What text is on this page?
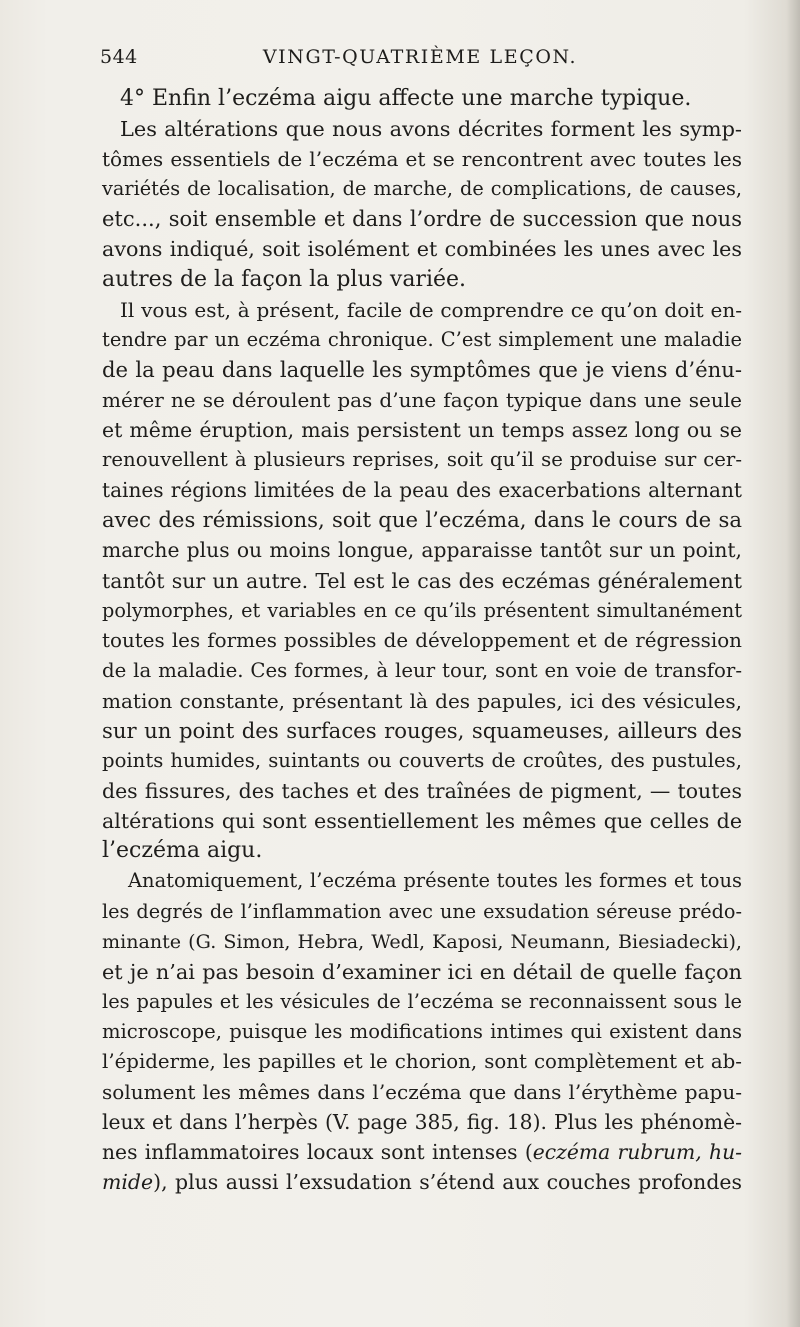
544	VINGT-QUATRIÈME LEÇON.
4° Enfin l’eczéma aigu affecte une marche typique.
Les altérations que nous avons décrites forment les symp-
tômes essentiels de l’eczéma et se rencontrent avec toutes les
variétés de localisation, de marche, de complications, de causes,
etc..., soit ensemble et dans l’ordre de succession que nous
avons indiqué, soit isolément et combinées les unes avec les
autres de la façon la plus variée.
Il vous est, à présent, facile de comprendre ce qu’on doit en-
tendre par un eczéma chronique. C’est simplement une maladie
de la peau dans laquelle les symptômes que je viens d’énu-
mérer ne se déroulent pas d’une façon typique dans une seule
et même éruption, mais persistent un temps assez long ou se
renouvellent à plusieurs reprises, soit qu’il se produise sur cer-
taines régions limitées de la peau des exacerbations alternant
avec des rémissions, soit que l’eczéma, dans le cours de sa
marche plus ou moins longue, apparaisse tantôt sur un point,
tantôt sur un autre. Tel est le cas des eczémas généralement
polymorphes, et variables en ce qu’ils présentent simultanément
toutes les formes possibles de développement et de régression
de la maladie. Ces formes, à leur tour, sont en voie de transfor-
mation constante, présentant là des papules, ici des vésicules,
sur un point des surfaces rouges, squameuses, ailleurs des
points humides, suintants ou couverts de croûtes, des pustules,
des fissures, des taches et des traînées de pigment, — toutes
altérations qui sont essentiellement les mêmes que celles de
l’eczéma aigu.
Anatomiquement, l’eczéma présente toutes les formes et tous
les degrés de l’inflammation avec une exsudation séreuse prédo-
minante (G. Simon, Hebra, Wedl, Kaposi, Neumann, Biesiadecki),
et je n’ai pas besoin d’examiner ici en détail de quelle façon
les papules et les vésicules de l’eczéma se reconnaissent sous le
microscope, puisque les modifications intimes qui existent dans
l’épiderme, les papilles et le chorion, sont complètement et ab-
solument les mêmes dans l’eczéma que dans l’érythème papu-
leux et dans l’herpès (V. page 385, fig. 18). Plus les phénomè-
nes inflammatoires locaux sont intenses (eczéma rubrum, hu-
mide), plus aussi l’exsudation s’étend aux couches profondes
